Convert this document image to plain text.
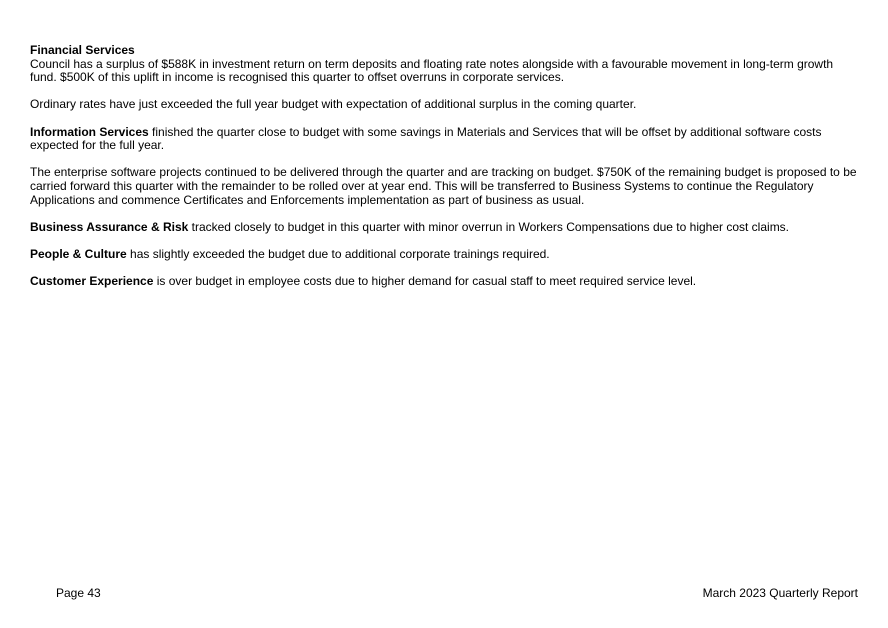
Financial Services
Council has a surplus of $588K in investment return on term deposits and floating rate notes alongside with a favourable movement in long-term growth fund. $500K of this uplift in income is recognised this quarter to offset overruns in corporate services.

Ordinary rates have just exceeded the full year budget with expectation of additional surplus in the coming quarter.

Information Services finished the quarter close to budget with some savings in Materials and Services that will be offset by additional software costs expected for the full year.

The enterprise software projects continued to be delivered through the quarter and are tracking on budget. $750K of the remaining budget is proposed to be carried forward this quarter with the remainder to be rolled over at year end. This will be transferred to Business Systems to continue the Regulatory Applications and commence Certificates and Enforcements implementation as part of business as usual.

Business Assurance & Risk tracked closely to budget in this quarter with minor overrun in Workers Compensations due to higher cost claims.

People & Culture has slightly exceeded the budget due to additional corporate trainings required.

Customer Experience is over budget in employee costs due to higher demand for casual staff to meet required service level.

Page 43	March 2023 Quarterly Report
